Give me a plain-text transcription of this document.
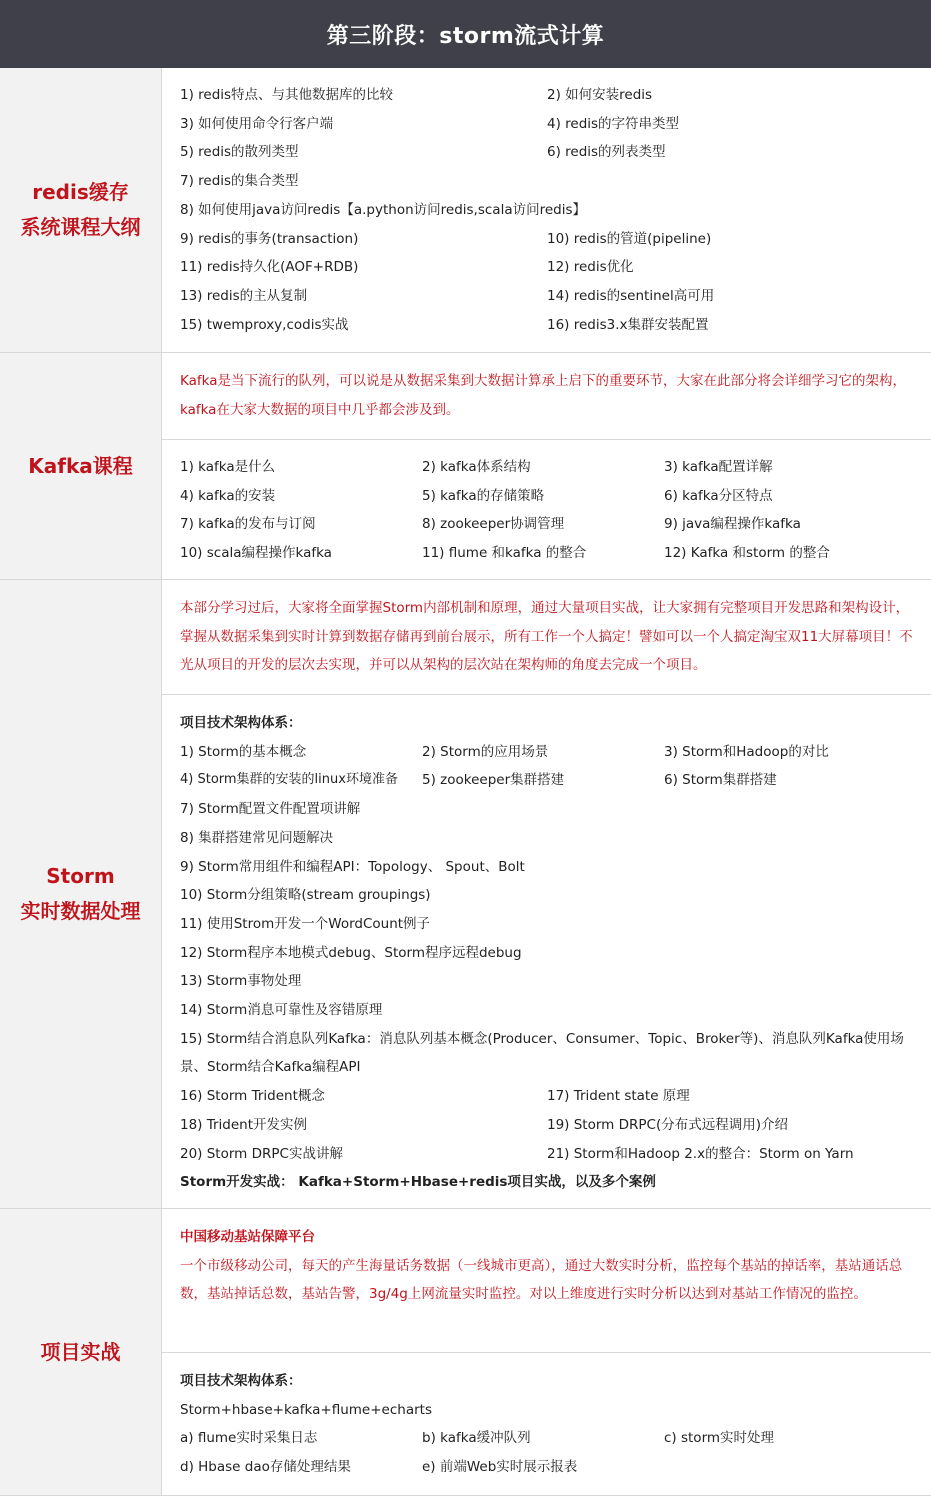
第三阶段：storm流式计算
redis缓存
系统课程大纲
1) redis特点、与其他数据库的比较	2) 如何安装redis
3) 如何使用命令行客户端	4) redis的字符串类型
5) redis的散列类型	6) redis的列表类型
7) redis的集合类型
8) 如何使用java访问redis【a.python访问redis,scala访问redis】
9) redis的事务(transaction)	10) redis的管道(pipeline)
11) redis持久化(AOF+RDB)	12) redis优化
13) redis的主从复制	14) redis的sentinel高可用
15) twemproxy,codis实战	16) redis3.x集群安装配置
Kafka课程
Kafka是当下流行的队列，可以说是从数据采集到大数据计算承上启下的重要环节，大家在此部分将会详细学习它的架构，kafka在大家大数据的项目中几乎都会涉及到。
1) kafka是什么	2) kafka体系结构	3) kafka配置详解
4) kafka的安装	5) kafka的存储策略	6) kafka分区特点
7) kafka的发布与订阅	8) zookeeper协调管理	9) java编程操作kafka
10) scala编程操作kafka	11) flume 和kafka 的整合	12) Kafka 和storm 的整合
Storm
实时数据处理
本部分学习过后，大家将全面掌握Storm内部机制和原理，通过大量项目实战，让大家拥有完整项目开发思路和架构设计，掌握从数据采集到实时计算到数据存储再到前台展示，所有工作一个人搞定！譬如可以一个人搞定淘宝双11大屏幕项目！不光从项目的开发的层次去实现，并可以从架构的层次站在架构师的角度去完成一个项目。
项目技术架构体系：
1) Storm的基本概念	2) Storm的应用场景	3) Storm和Hadoop的对比
4) Storm集群的安装的linux环境准备	5) zookeeper集群搭建	6) Storm集群搭建
7) Storm配置文件配置项讲解
8) 集群搭建常见问题解决
9) Storm常用组件和编程API：Topology、 Spout、Bolt
10) Storm分组策略(stream groupings)
11) 使用Strom开发一个WordCount例子
12) Storm程序本地模式debug、Storm程序远程debug
13) Storm事物处理
14) Storm消息可靠性及容错原理
15) Storm结合消息队列Kafka：消息队列基本概念(Producer、Consumer、Topic、Broker等)、消息队列Kafka使用场景、Storm结合Kafka编程API
16) Storm Trident概念	17) Trident state 原理
18) Trident开发实例	19) Storm DRPC(分布式远程调用)介绍
20) Storm DRPC实战讲解	21) Storm和Hadoop 2.x的整合：Storm on Yarn
Storm开发实战： Kafka+Storm+Hbase+redis项目实战，以及多个案例
项目实战
中国移动基站保障平台
一个市级移动公司，每天的产生海量话务数据（一线城市更高），通过大数实时分析，监控每个基站的掉话率，基站通话总数，基站掉话总数，基站告警，3g/4g上网流量实时监控。对以上维度进行实时分析以达到对基站工作情况的监控。
项目技术架构体系：
Storm+hbase+kafka+flume+echarts
a) flume实时采集日志	b) kafka缓冲队列	c) storm实时处理
d) Hbase dao存储处理结果	e) 前端Web实时展示报表
